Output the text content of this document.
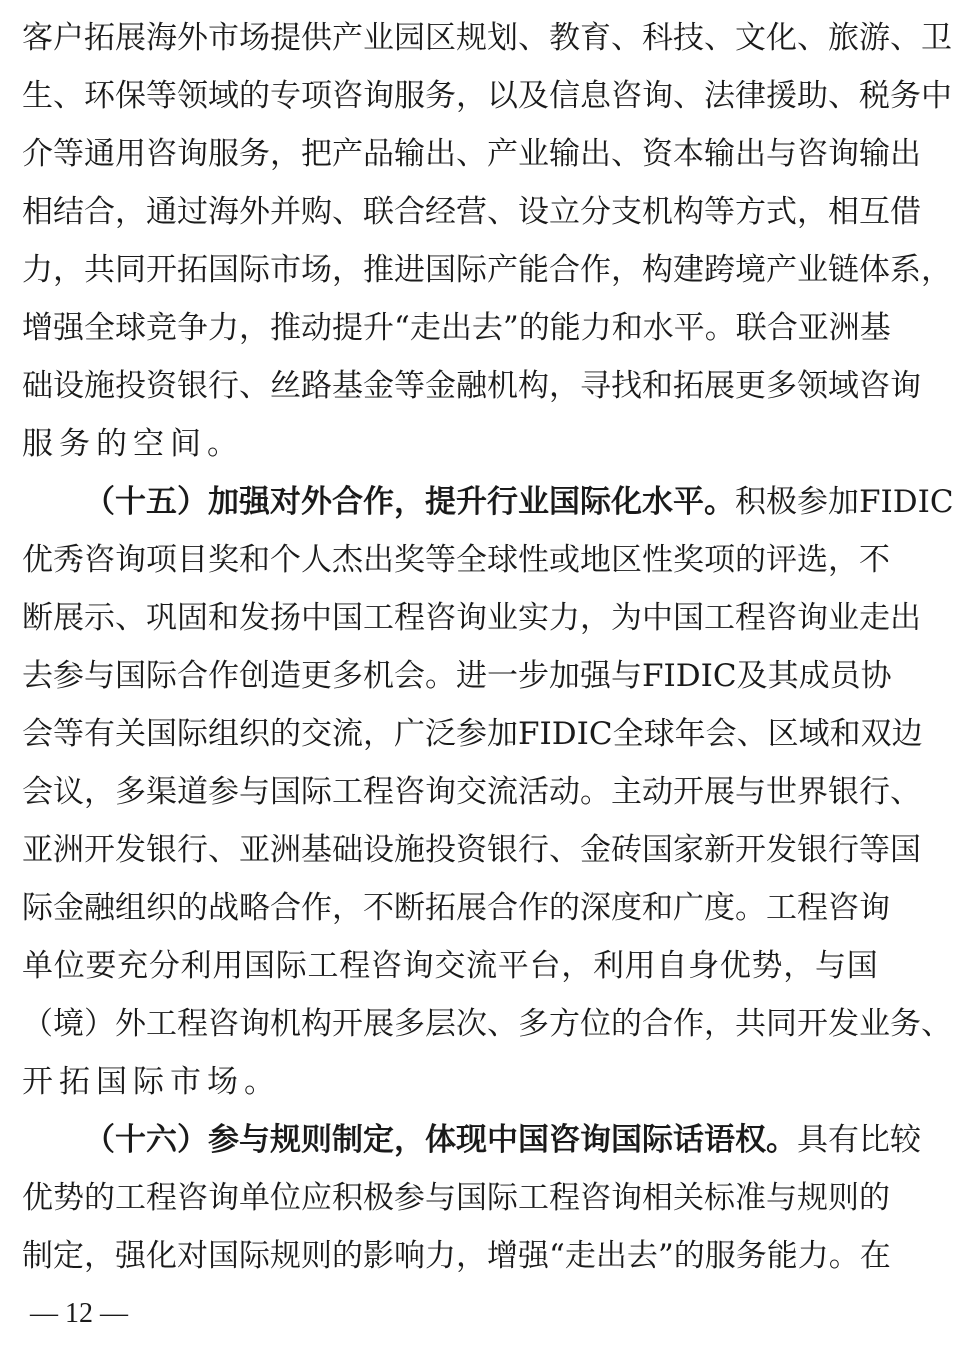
客 户 拓 展 海 外 市 场 提 供 产 业 园 区 规 划 、 教 育 、 科 技 、 文 化 、 旅 游 、 卫
生 、 环 保 等 领 域 的 专 项 咨 询 服 务 ， 以 及 信 息 咨 询 、 法 律 援 助 、 税 务 中
介 等 通 用 咨 询 服 务 ， 把 产 品 输 出 、 产 业 输 出 、 资 本 输 出 与 咨 询 输 出
相 结 合 ， 通 过 海 外 并 购 、 联 合 经 营 、 设 立 分 支 机 构 等 方 式 ， 相 互 借
力 ， 共 同 开 拓 国 际 市 场 ， 推 进 国 际 产 能 合 作 ， 构 建 跨 境 产 业 链 体 系 ，
增 强 全 球 竞 争 力 ， 推 动 提 升 “ 走 出 去 ” 的 能 力 和 水 平 。 联 合 亚 洲 基
础 设 施 投 资 银 行 、 丝 路 基 金 等 金 融 机 构 ， 寻 找 和 拓 展 更 多 领 域 咨 询
服务的空间。
（十五）加强对外合作，提升行业国际化水平。 积极参加FIDIC
优 秀 咨 询 项 目 奖 和 个 人 杰 出 奖 等 全 球 性 或 地 区 性 奖 项 的 评 选 ， 不
断 展 示 、 巩 固 和 发 扬 中 国 工 程 咨 询 业 实 力 ， 为 中 国 工 程 咨 询 业 走 出
去 参 与 国 际 合 作 创 造 更 多 机 会 。 进 一 步 加 强 与 F I D I C 及 其 成 员 协
会 等 有 关 国 际 组 织 的 交 流 ， 广 泛 参 加 F I D I C 全 球 年 会 、 区 域 和 双 边
会 议 ， 多 渠 道 参 与 国 际 工 程 咨 询 交 流 活 动 。 主 动 开 展 与 世 界 银 行 、
亚 洲 开 发 银 行 、 亚 洲 基 础 设 施 投 资 银 行 、 金 砖 国 家 新 开 发 银 行 等 国
际 金 融 组 织 的 战 略 合 作 ， 不 断 拓 展 合 作 的 深 度 和 广 度 。 工 程 咨 询
单 位 要 充 分 利 用 国 际 工 程 咨 询 交 流 平 台 ， 利 用 自 身 优 势 ， 与 国
（ 境 ） 外 工 程 咨 询 机 构 开 展 多 层 次 、 多 方 位 的 合 作 ， 共 同 开 发 业 务 、
开拓国际市场。
（十六）参与规则制定，体现中国咨询国际话语权。 具有比较
优 势 的 工 程 咨 询 单 位 应 积 极 参 与 国 际 工 程 咨 询 相 关 标 准 与 规 则 的
制 定 ， 强 化 对 国 际 规 则 的 影 响 力 ， 增 强 “ 走 出 去 ” 的 服 务 能 力 。 在
— 12 —
